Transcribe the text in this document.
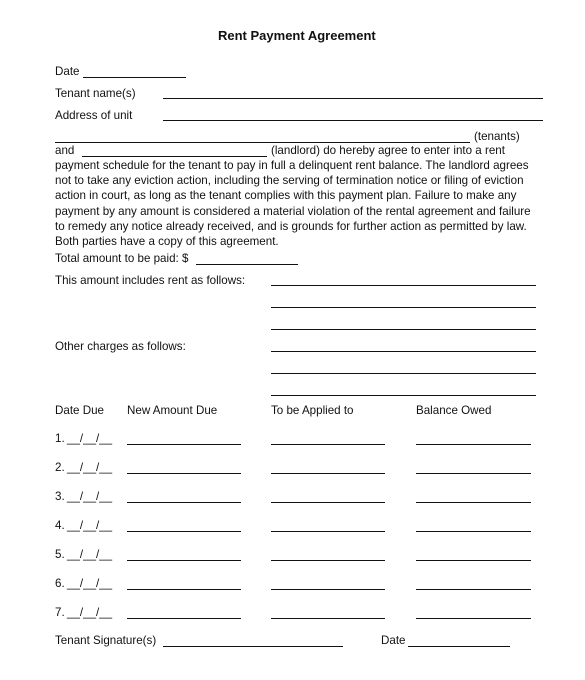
Rent Payment Agreement
Date
Tenant name(s)
Address of unit
(tenants)
and	(landlord) do hereby agree to enter into a rent
payment schedule for the tenant to pay in full a delinquent rent balance. The landlord agrees
not to take any eviction action, including the serving of termination notice or filing of eviction
action in court, as long as the tenant complies with this payment plan. Failure to make any
payment by any amount is considered a material violation of the rental agreement and failure
to remedy any notice already received, and is grounds for further action as permitted by law.
Both parties have a copy of this agreement.
Total amount to be paid: $
This amount includes rent as follows:
Other charges as follows:
Date Due New Amount Due	To be Applied to	Balance Owed
1. __/__/__
2. __/__/__
3. __/__/__
4. __/__/__
5. __/__/__
6. __/__/__
7. __/__/__
Tenant Signature(s)	Date
